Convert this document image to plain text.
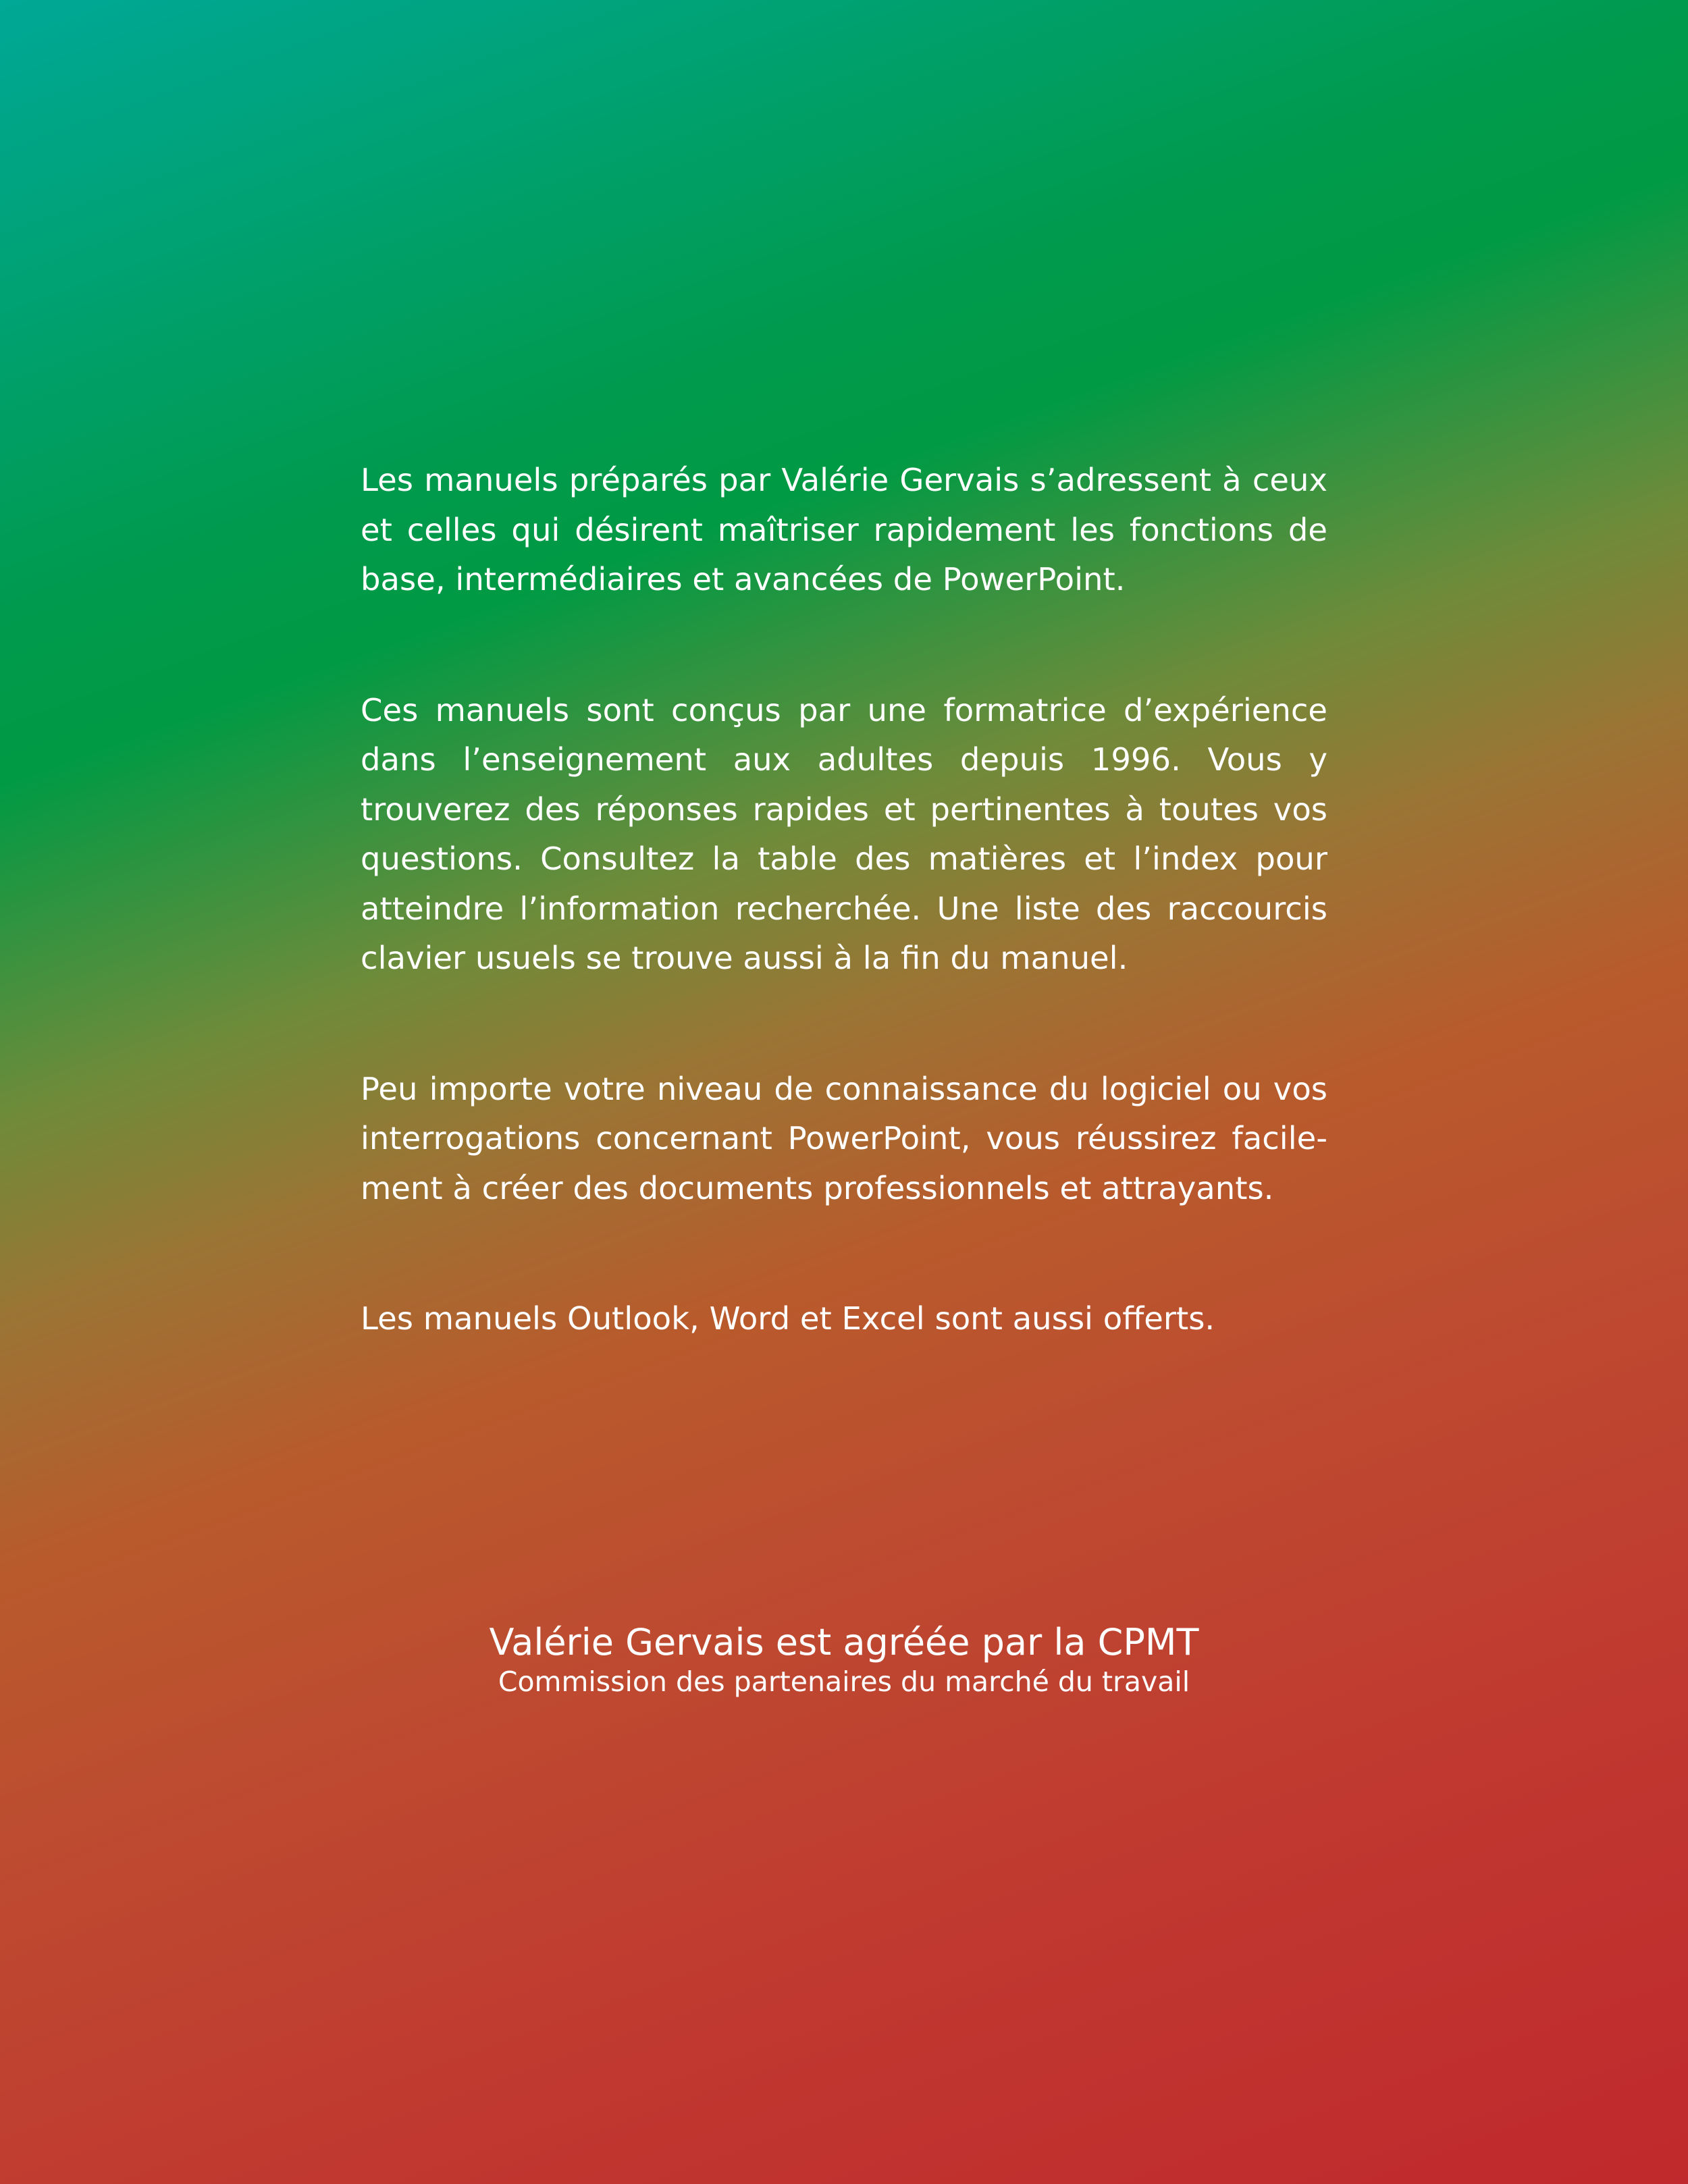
Les manuels préparés par Valérie Gervais s’adressent à ceux et celles qui désirent maîtriser rapidement les fonctions de base, intermédiaires et avancées de PowerPoint.

Ces manuels sont conçus par une formatrice d’expérience dans l’enseignement aux adultes depuis 1996. Vous y trouverez des réponses rapides et pertinentes à toutes vos questions. Consultez la table des matières et l’index pour atteindre l’information recherchée. Une liste des raccourcis clavier usuels se trouve aussi à la fin du manuel.

Peu importe votre niveau de connaissance du logiciel ou vos interrogations concernant PowerPoint, vous réussirez facilement à créer des documents professionnels et attrayants.

Les manuels Outlook, Word et Excel sont aussi offerts.

Valérie Gervais est agréée par la CPMT

Commission des partenaires du marché du travail
